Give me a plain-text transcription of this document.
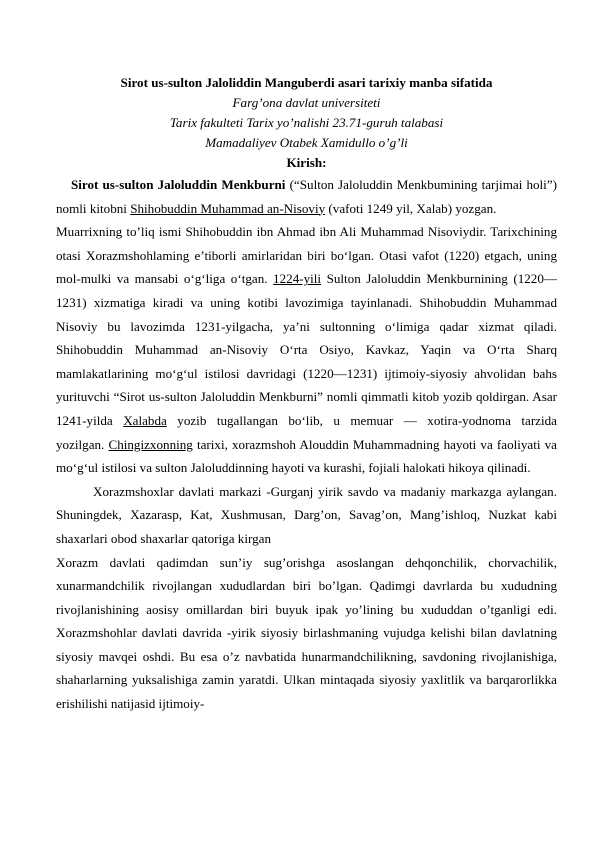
Sirot us-sulton Jaloliddin Manguberdi asari tarixiy manba sifatida
Farg’ona davlat universiteti
Tarix fakulteti Tarix yo’nalishi 23.71-guruh talabasi
Mamadaliyev Otabek Xamidullo o’g’li
Kirish:

Sirot us-sulton Jaloluddin Menkburni (“Sulton Jaloluddin Menkbumining tarjimai holi”) nomli kitobni Shihobuddin Muhammad an-Nisoviy (vafoti 1249 yil, Xalab) yozgan.

Muarrixning to’liq ismi Shihobuddin ibn Ahmad ibn Ali Muhammad Nisoviydir. Tarixchining otasi Xorazmshohlaming e’tiborli amirlaridan biri bo‘lgan. Otasi vafot (1220) etgach, uning mol-mulki va mansabi o‘g‘liga o‘tgan. 1224-yili Sulton Jaloluddin Menkburnining (1220—1231) xizmatiga kiradi va uning kotibi lavozimiga tayinlanadi. Shihobuddin Muhammad Nisoviy bu lavozimda 1231-yilgacha, ya’ni sultonning o‘limiga qadar xizmat qiladi. Shihobuddin Muhammad an-Nisoviy O‘rta Osiyo, Kavkaz, Yaqin va O‘rta Sharq mamlakatlarining mo‘g‘ul istilosi davridagi (1220—1231) ijtimoiy-siyosiy ahvolidan bahs yurituvchi “Sirot us-sulton Jaloluddin Menkburni” nomli qimmatli kitob yozib qoldirgan. Asar 1241-yilda Xalabda yozib tugallangan bo‘lib, u memuar — xotira-yodnoma tarzida

yozilgan. Chingizxonning tarixi, xorazmshoh Alouddin Muhammadning hayoti va faoliyati va mo‘g‘ul istilosi va sulton Jaloluddinning hayoti va kurashi, fojiali halokati hikoya qilinadi.

Xorazmshoxlar davlati markazi -Gurganj yirik savdo va madaniy markazga aylangan. Shuningdek, Xazarasp, Kat, Xushmusan, Darg’on, Savag’on, Mang’ishloq, Nuzkat kabi shaxarlari obod shaxarlar qatoriga kirgan

Xorazm davlati qadimdan sun’iy sug’orishga asoslangan dehqonchilik, chorvachilik, xunarmandchilik rivojlangan xududlardan biri bo’lgan. Qadimgi davrlarda bu xududning rivojlanishining aosisy omillardan biri buyuk ipak yo’lining bu xududdan o’tganligi edi. Xorazmshohlar davlati davrida -yirik siyosiy birlashmaning vujudga kelishi bilan davlatning siyosiy mavqei oshdi. Bu esa o’z navbatida hunarmandchilikning, savdoning rivojlanishiga, shaharlarning yuksalishiga zamin yaratdi. Ulkan mintaqada siyosiy yaxlitlik va barqarorlikka erishilishi natijasid ijtimoiy-
